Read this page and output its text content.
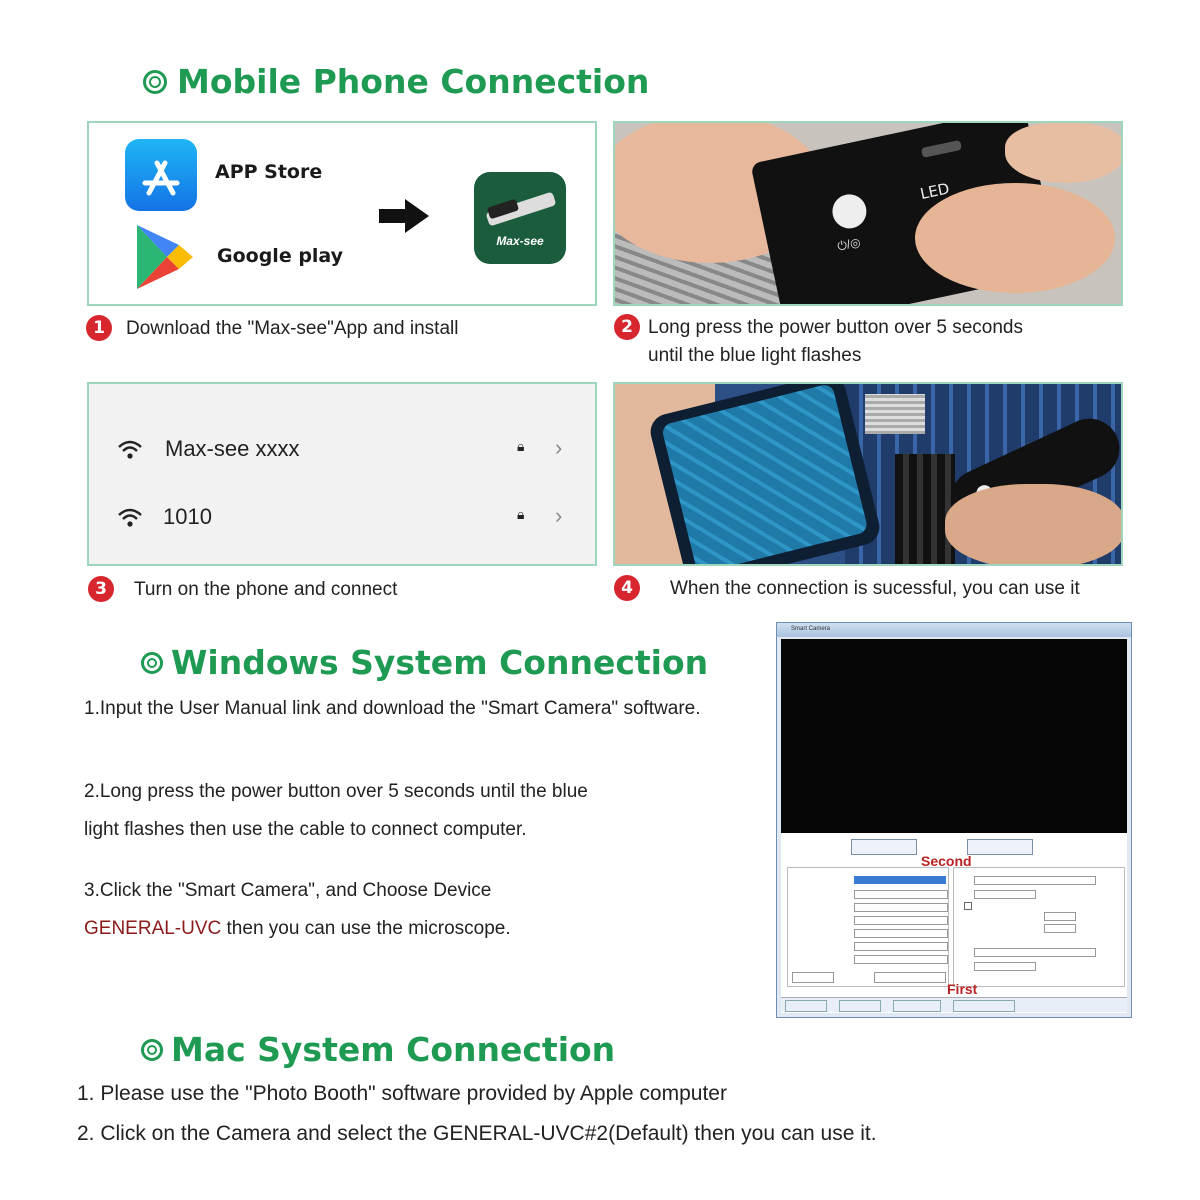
Mobile Phone Connection
APP Store
Google play
Max-see	⏻/◎
LED
1	Download the "Max-see"App and install	2 Long press the power button over 5 seconds
until the blue light flashes
Max-see xxxx	🔒︎ ›
1010	🔒︎ ›
3	Turn on the phone and connect	4	When the connection is sucessful, you can use it
Windows System Connection
1.Input the User Manual link and download the "Smart Camera" software.
2.Long press the power button over 5 seconds until the blue
light flashes then use the cable to connect computer.
3.Click the "Smart Camera", and Choose Device
GENERAL-UVC then you can use the microscope.
Smart Camera
Second
First
Mac System Connection
1. Please use the "Photo Booth" software provided by Apple computer
2. Click on the Camera and select the GENERAL-UVC#2(Default) then you can use it.
